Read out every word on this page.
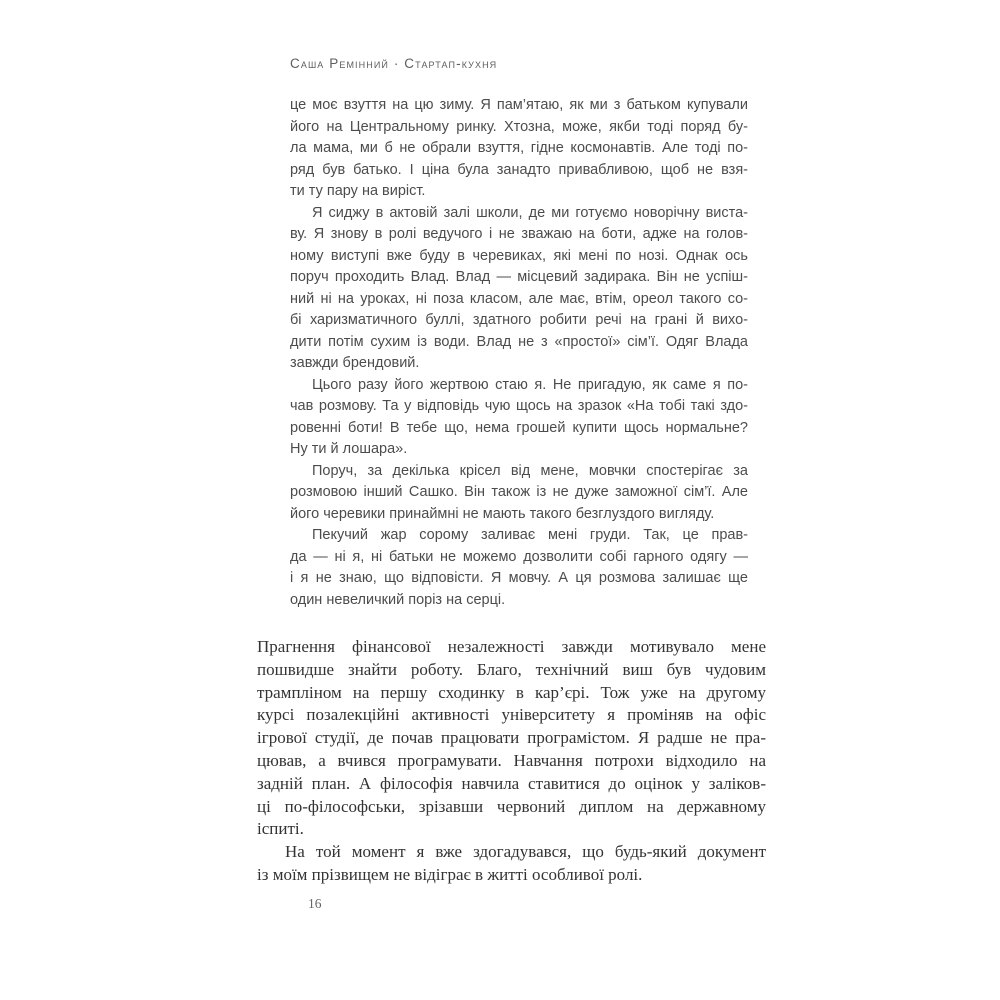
Саша Ремінний · Стартап-кухня
це моє взуття на цю зиму. Я пам’ятаю, як ми з батьком купували
його на Центральному ринку. Хтозна, може, якби тоді поряд бу-
ла мама, ми б не обрали взуття, гідне космонавтів. Але тоді по-
ряд був батько. І ціна була занадто привабливою, щоб не взя-
ти ту пару на виріст.
Я сиджу в актовій залі школи, де ми готуємо новорічну виста-
ву. Я знову в ролі ведучого і не зважаю на боти, адже на голов-
ному виступі вже буду в черевиках, які мені по нозі. Однак ось
поруч проходить Влад. Влад — місцевий задирака. Він не успіш-
ний ні на уроках, ні поза класом, але має, втім, ореол такого со-
бі харизматичного буллі, здатного робити речі на грані й вихо-
дити потім сухим із води. Влад не з «простої» сім’ї. Одяг Влада
завжди брендовий.
Цього разу його жертвою стаю я. Не пригадую, як саме я по-
чав розмову. Та у відповідь чую щось на зразок «На тобі такі здо-
ровенні боти! В тебе що, нема грошей купити щось нормальне?
Ну ти й лошара».
Поруч, за декілька крісел від мене, мовчки спостерігає за
розмовою інший Сашко. Він також із не дуже заможної сім’ї. Але
його черевики принаймні не мають такого безглуздого вигляду.
Пекучий жар сорому заливає мені груди. Так, це прав-
да — ні я, ні батьки не можемо дозволити собі гарного одягу —
і я не знаю, що відповісти. Я мовчу. А ця розмова залишає ще
один невеличкий поріз на серці.
Прагнення фінансової незалежності завжди мотивувало мене
пошвидше знайти роботу. Благо, технічний виш був чудовим
трампліном на першу сходинку в кар’єрі. Тож уже на другому
курсі позалекційні активності університету я проміняв на офіс
ігрової студії, де почав працювати програмістом. Я радше не пра-
цював, а вчився програмувати. Навчання потрохи відходило на
задній план. А філософія навчила ставитися до оцінок у заліков-
ці по-філософськи, зрізавши червоний диплом на державному
іспиті.
На той момент я вже здогадувався, що будь-який документ
із моїм прізвищем не відіграє в житті особливої ролі.
16
